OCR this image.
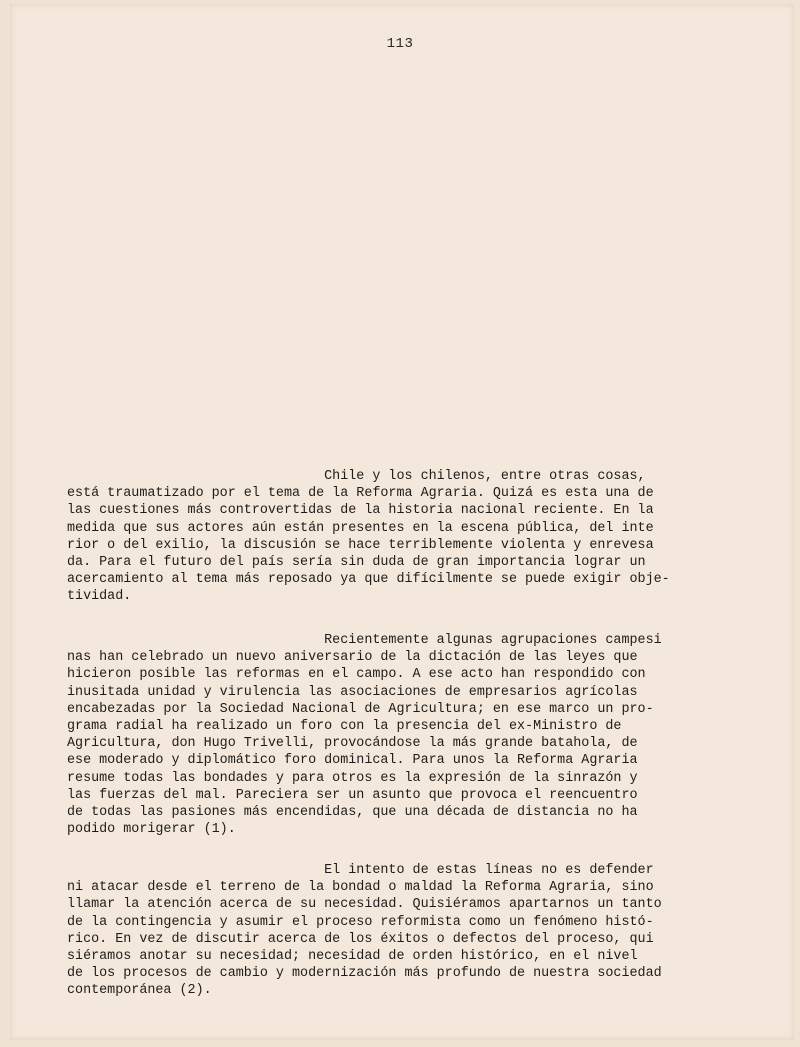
113
Chile y los chilenos, entre otras cosas,
está traumatizado por el tema de la Reforma Agraria. Quizá es esta una de
las cuestiones más controvertidas de la historia nacional reciente. En la
medida que sus actores aún están presentes en la escena pública, del inte
rior o del exilio, la discusión se hace terriblemente violenta y enrevesa
da. Para el futuro del país sería sin duda de gran importancia lograr un
acercamiento al tema más reposado ya que difícilmente se puede exigir obje-
tividad.
Recientemente algunas agrupaciones campesi
nas han celebrado un nuevo aniversario de la dictación de las leyes que
hicieron posible las reformas en el campo. A ese acto han respondido con
inusitada unidad y virulencia las asociaciones de empresarios agrícolas
encabezadas por la Sociedad Nacional de Agricultura; en ese marco un pro-
grama radial ha realizado un foro con la presencia del ex-Ministro de
Agricultura, don Hugo Trivelli, provocándose la más grande batahola, de
ese moderado y diplomático foro dominical. Para unos la Reforma Agraria
resume todas las bondades y para otros es la expresión de la sinrazón y
las fuerzas del mal. Pareciera ser un asunto que provoca el reencuentro
de todas las pasiones más encendidas, que una década de distancia no ha
podido morigerar (1).
El intento de estas líneas no es defender
ni atacar desde el terreno de la bondad o maldad la Reforma Agraria, sino
llamar la atención acerca de su necesidad. Quisiéramos apartarnos un tanto
de la contingencia y asumir el proceso reformista como un fenómeno histó-
rico. En vez de discutir acerca de los éxitos o defectos del proceso, qui
siéramos anotar su necesidad; necesidad de orden histórico, en el nivel
de los procesos de cambio y modernización más profundo de nuestra sociedad
contemporánea (2).
